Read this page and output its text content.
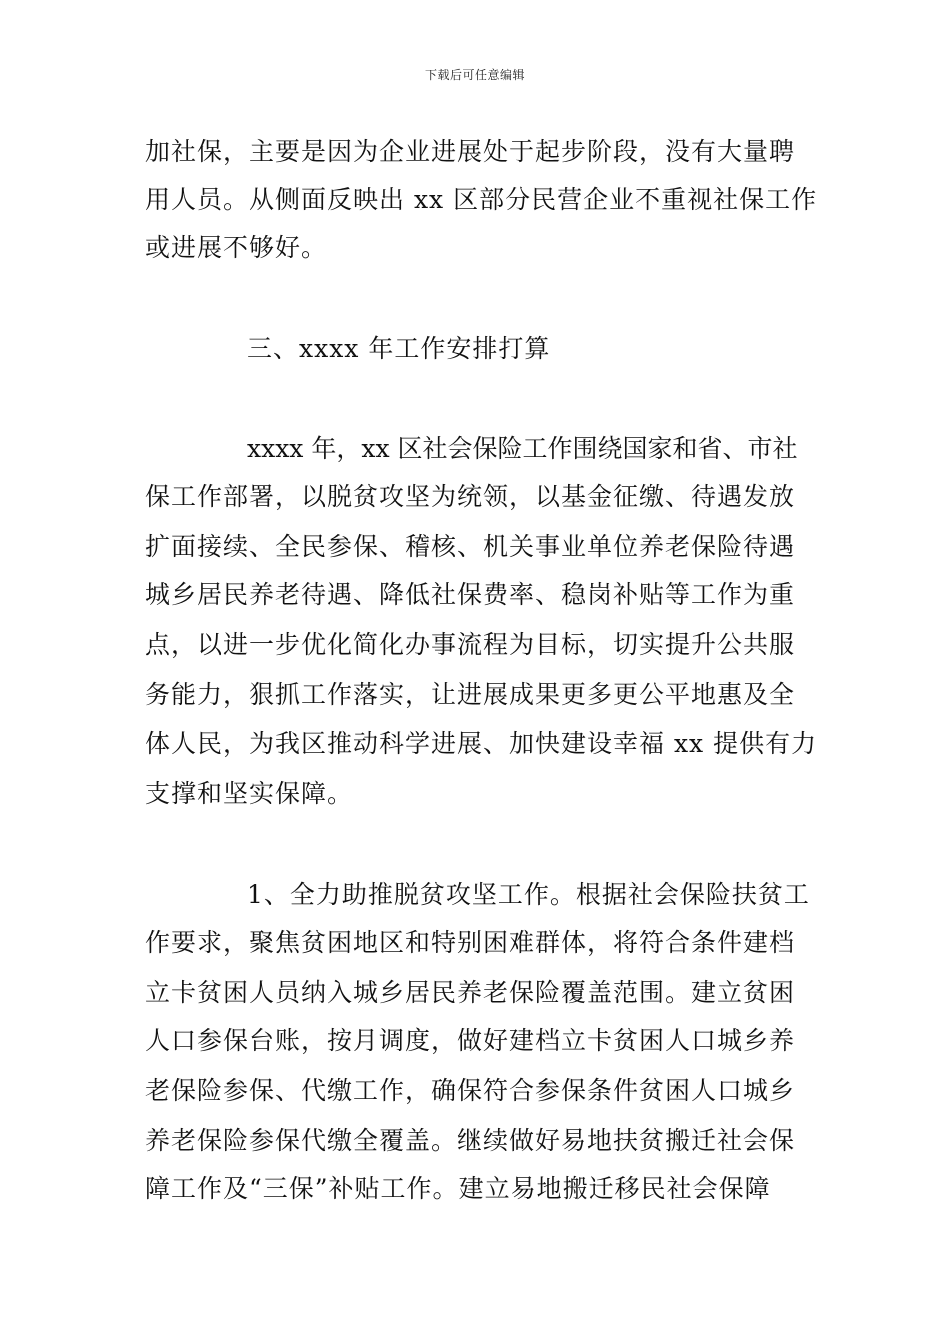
下载后可任意编辑
加社保，主要是因为企业进展处于起步阶段，没有大量聘
用人员。从侧面反映出 xx 区部分民营企业不重视社保工作
或进展不够好。
三、xxxx 年工作安排打算
xxxx 年，xx 区社会保险工作围绕国家和省、市社
保工作部署，以脱贫攻坚为统领，以基金征缴、待遇发放
扩面接续、全民参保、稽核、机关事业单位养老保险待遇
城乡居民养老待遇、降低社保费率、稳岗补贴等工作为重
点，以进一步优化简化办事流程为目标，切实提升公共服
务能力，狠抓工作落实，让进展成果更多更公平地惠及全
体人民，为我区推动科学进展、加快建设幸福 xx 提供有力
支撑和坚实保障。
1、全力助推脱贫攻坚工作。根据社会保险扶贫工
作要求，聚焦贫困地区和特别困难群体，将符合条件建档
立卡贫困人员纳入城乡居民养老保险覆盖范围。建立贫困
人口参保台账，按月调度，做好建档立卡贫困人口城乡养
老保险参保、代缴工作，确保符合参保条件贫困人口城乡
养老保险参保代缴全覆盖。继续做好易地扶贫搬迁社会保
障工作及“三保”补贴工作。建立易地搬迁移民社会保障
